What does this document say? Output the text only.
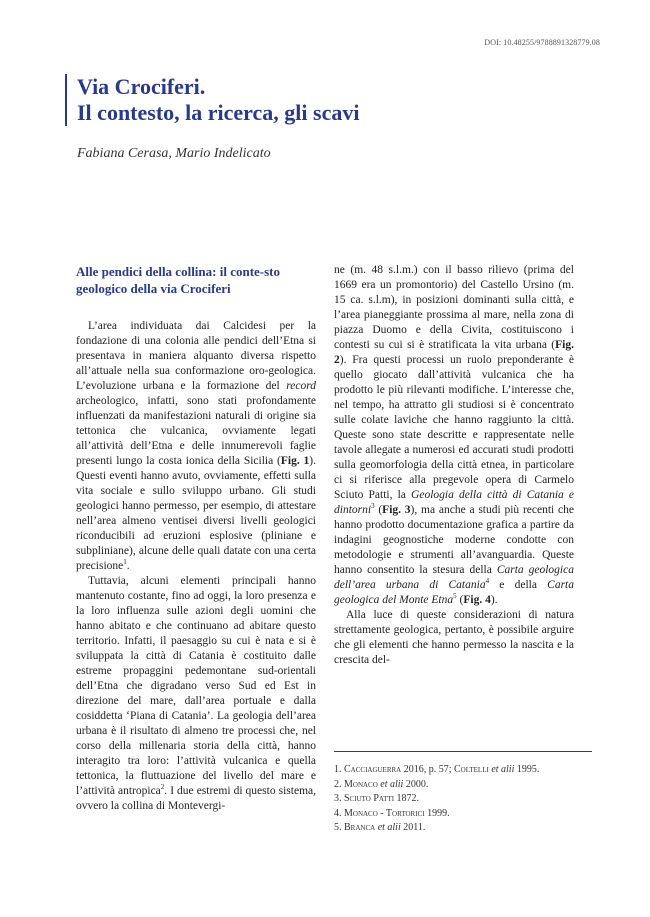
DOI: 10.48255/9788891328779.08
Via Crociferi.
Il contesto, la ricerca, gli scavi
Fabiana Cerasa, Mario Indelicato
Alle pendici della collina: il conte-sto geologico della via Crociferi

L’area individuata dai Calcidesi per la fondazione di una colonia alle pendici dell’Etna si presentava in maniera alquanto diversa rispetto all’attuale nella sua conformazione oro-geologica. L’evoluzione urbana e la formazione del record archeologico, infatti, sono stati profondamente influenzati da manifestazioni naturali di origine sia tettonica che vulcanica, ovviamente legati all’attività dell’Etna e delle innumerevoli faglie presenti lungo la costa ionica della Sicilia (Fig. 1). Questi eventi hanno avuto, ovviamente, effetti sulla vita sociale e sullo sviluppo urbano. Gli studi geologici hanno permesso, per esempio, di attestare nell’area almeno ventisei diversi livelli geologici riconducibili ad eruzioni esplosive (pliniane e subpliniane), alcune delle quali datate con una certa precisione$^1$.

Tuttavia, alcuni elementi principali hanno mantenuto costante, fino ad oggi, la loro presenza e la loro influenza sulle azioni degli uomini che hanno abitato e che continuano ad abitare questo territorio. Infatti, il paesaggio su cui è nata e si è sviluppata la città di Catania è costituito dalle estreme propaggini pedemontane sud-orientali dell’Etna che digradano verso Sud ed Est in direzione del mare, dall’area portuale e dalla cosiddetta ‘Piana di Catania’. La geologia dell’area urbana è il risultato di almeno tre processi che, nel corso della millenaria storia della città, hanno interagito tra loro: l’attività vulcanica e quella tettonica, la fluttuazione del livello del mare e l’attività antropica$^2$. I due estremi di questo sistema, ovvero la collina di Montevergi-

ne (m. 48 s.l.m.) con il basso rilievo (prima del 1669 era un promontorio) del Castello Ursino (m. 15 ca. s.l.m), in posizioni dominanti sulla città, e l’area pianeggiante prossima al mare, nella zona di piazza Duomo e della Civita, costituiscono i contesti su cui si è stratificata la vita urbana (Fig. 2). Fra questi processi un ruolo preponderante è quello giocato dall’attività vulcanica che ha prodotto le più rilevanti modifiche. L’interesse che, nel tempo, ha attratto gli studiosi si è concentrato sulle colate laviche che hanno raggiunto la città. Queste sono state descritte e rappresentate nelle tavole allegate a numerosi ed accurati studi prodotti sulla geomorfologia della città etnea, in particolare ci si riferisce alla pregevole opera di Carmelo Sciuto Patti, la Geologia della città di Catania e dintorni$^3$ (Fig. 3), ma anche a studi più recenti che hanno prodotto documentazione grafica a partire da indagini geognostiche moderne condotte con metodologie e strumenti all’avanguardia. Queste hanno consentito la stesura della Carta geologica dell’area urbana di Catania$^4$ e della Carta geologica del Monte Etna$^5$ (Fig. 4).

Alla luce di queste considerazioni di natura strettamente geologica, pertanto, è possibile arguire che gli elementi che hanno permesso la nascita e la crescita del-

1. Cacciaguerra 2016, p. 57; Coltelli et alii 1995.
2. Monaco et alii 2000.
3. Sciuto Patti 1872.
4. Monaco - Tortorici 1999.
5. Branca et alii 2011.
